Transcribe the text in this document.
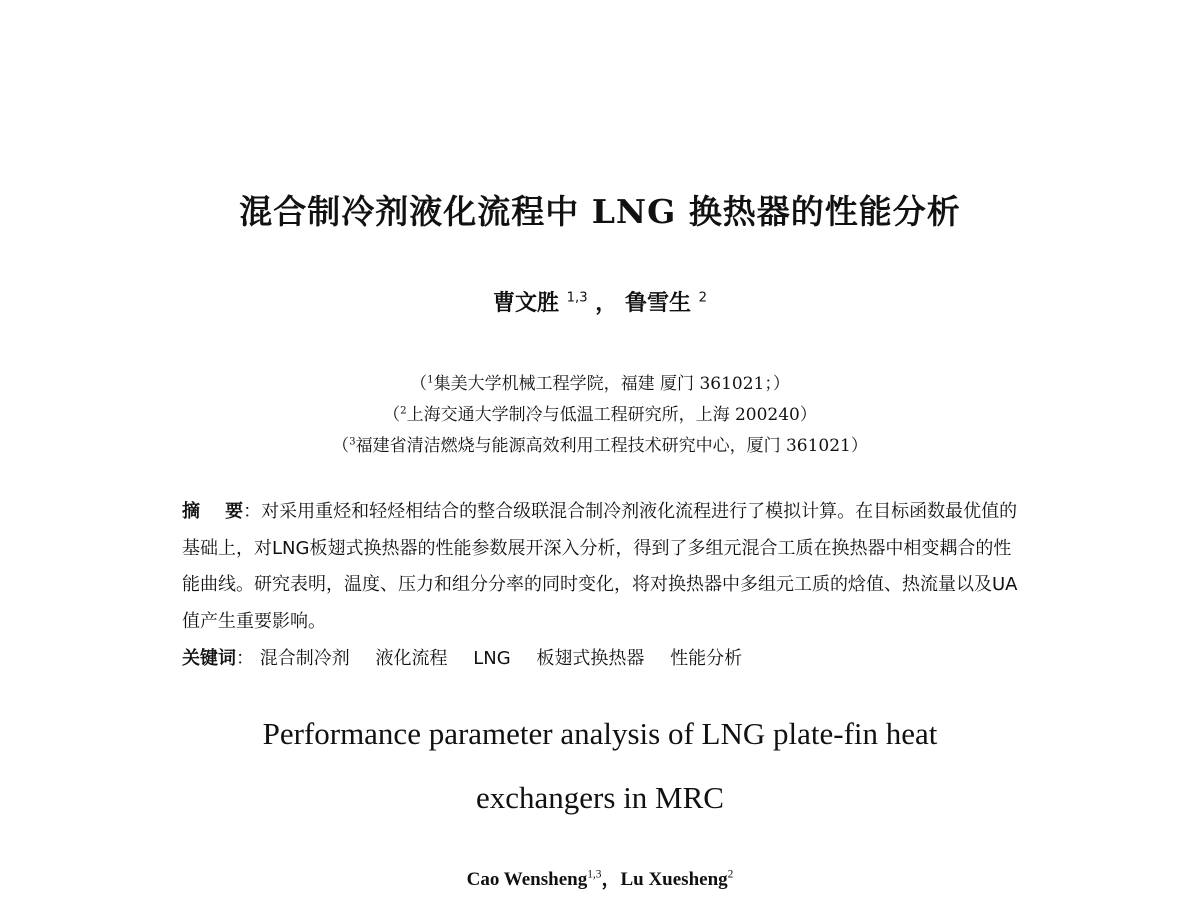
混合制冷剂液化流程中 LNG 换热器的性能分析
曹文胜 $^{1,3}$ ， 鲁雪生 $^2$
（$^1$集美大学机械工程学院，福建 厦门 361021；）
（$^2$上海交通大学制冷与低温工程研究所，上海 200240）
（$^3$福建省清洁燃烧与能源高效利用工程技术研究中心，厦门 361021）
摘    要：对采用重烃和轻烃相结合的整合级联混合制冷剂液化流程进行了模拟计算。在目标函数最优值的基础上，对LNG板翅式换热器的性能参数展开深入分析，得到了多组元混合工质在换热器中相变耦合的性能曲线。研究表明，温度、压力和组分分率的同时变化，将对换热器中多组元工质的焓值、热流量以及UA值产生重要影响。
关键词： 混合制冷剂 液化流程 LNG 板翅式换热器 性能分析
Performance parameter analysis of LNG plate-fin heat
exchangers in MRC
Cao Wensheng$^{1,3}$，Lu Xuesheng$^2$
